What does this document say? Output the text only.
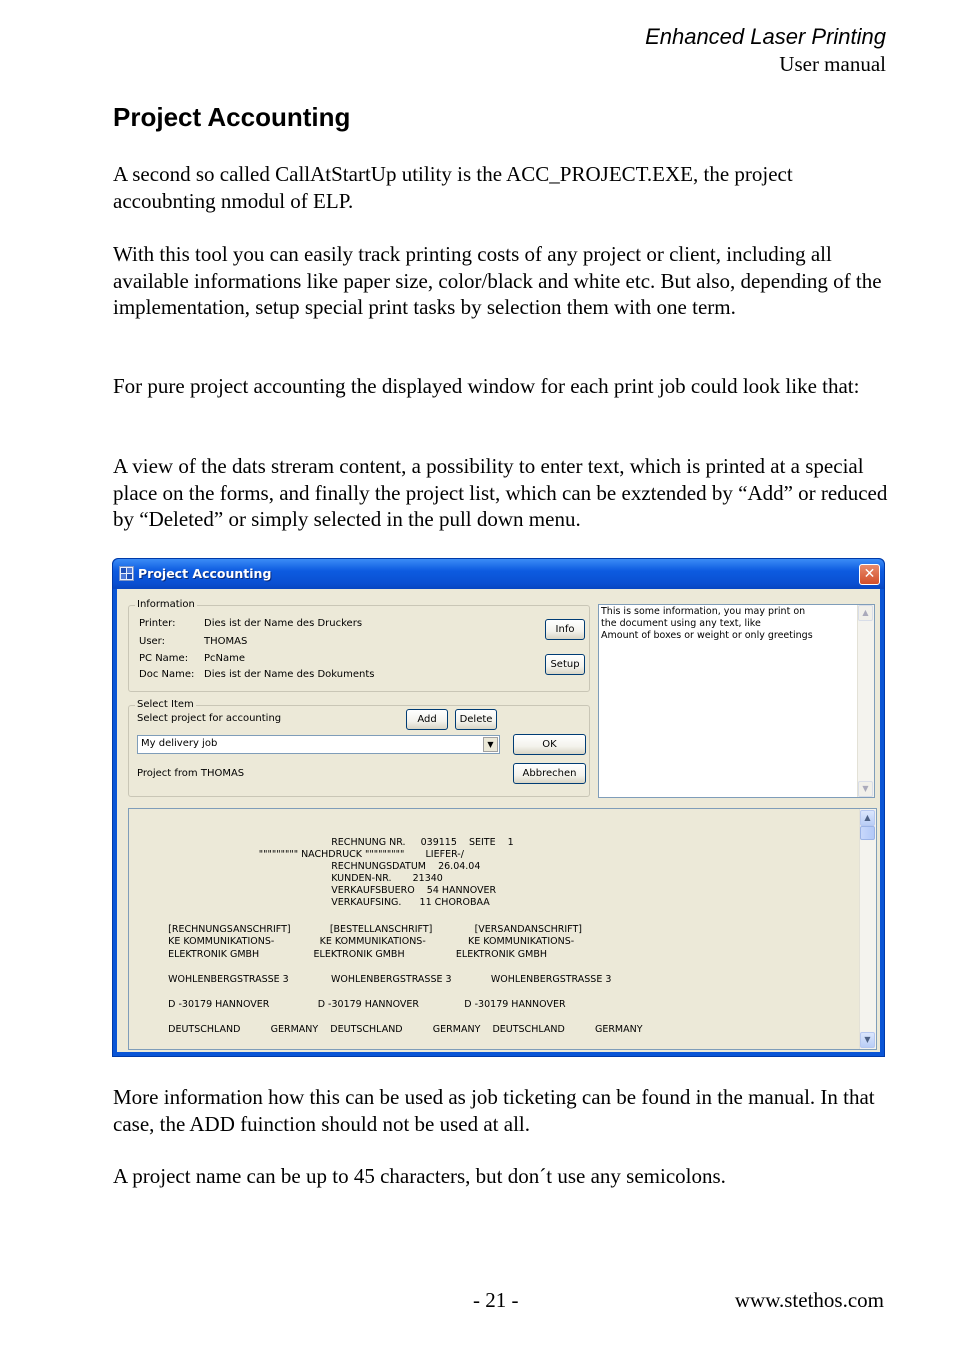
Enhanced Laser Printing
User manual
Project Accounting

A second so called CallAtStartUp utility is the ACC_PROJECT.EXE, the project accoubnting nmodul of ELP.

With this tool you can easily track printing costs of any project or client, including all available informations like paper size, color/black and white etc. But also, depending of the implementation, setup special print tasks by selection them with one term.

For pure project accounting the displayed window for each print job could look like that:

A view of the dats streram content, a possibility to enter text, which is printed at a special place on the forms, and finally the project list, which can be exztended by “Add” or reduced by “Deleted” or simply selected in the pull down menu.

Project Accounting	✕
Information
Printer:	Dies ist der Name des Druckers
User:	THOMAS
PC Name: PcName
Doc Name: Dies ist der Name des Dokuments
Info
Setup
Select Item
Select project for accounting	Add	Delete
My delivery job	▼	OK
Project from THOMAS	Abbrechen
This is some information, you may print on
the document using any text, like
Amount of boxes or weight or only greetings
▲
▼
RECHNUNG NR.     039115    SEITE    1
""""""""" NACHDRUCK """""""""       LIEFER-/
RECHNUNGSDATUM    26.04.04
KUNDEN-NR.       21340
VERKAUFSBUERO    54 HANNOVER
VERKAUFSING.      11 CHOROBAA
[RECHNUNGSANSCHRIFT]             [BESTELLANSCHRIFT]              [VERSANDANSCHRIFT]
KE KOMMUNIKATIONS-               KE KOMMUNIKATIONS-              KE KOMMUNIKATIONS-
ELEKTRONIK GMBH                  ELEKTRONIK GMBH                 ELEKTRONIK GMBH
WOHLENBERGSTRASSE 3              WOHLENBERGSTRASSE 3             WOHLENBERGSTRASSE 3
D -30179 HANNOVER                D -30179 HANNOVER               D -30179 HANNOVER
DEUTSCHLAND          GERMANY    DEUTSCHLAND          GERMANY    DEUTSCHLAND          GERMANY
▲
▼

More information how this can be used as job ticketing can be found in the manual. In that case, the ADD fuinction should not be used at all.

A project name can be up to 45 characters, but don´t use any semicolons.

- 21 -	www.stethos.com
